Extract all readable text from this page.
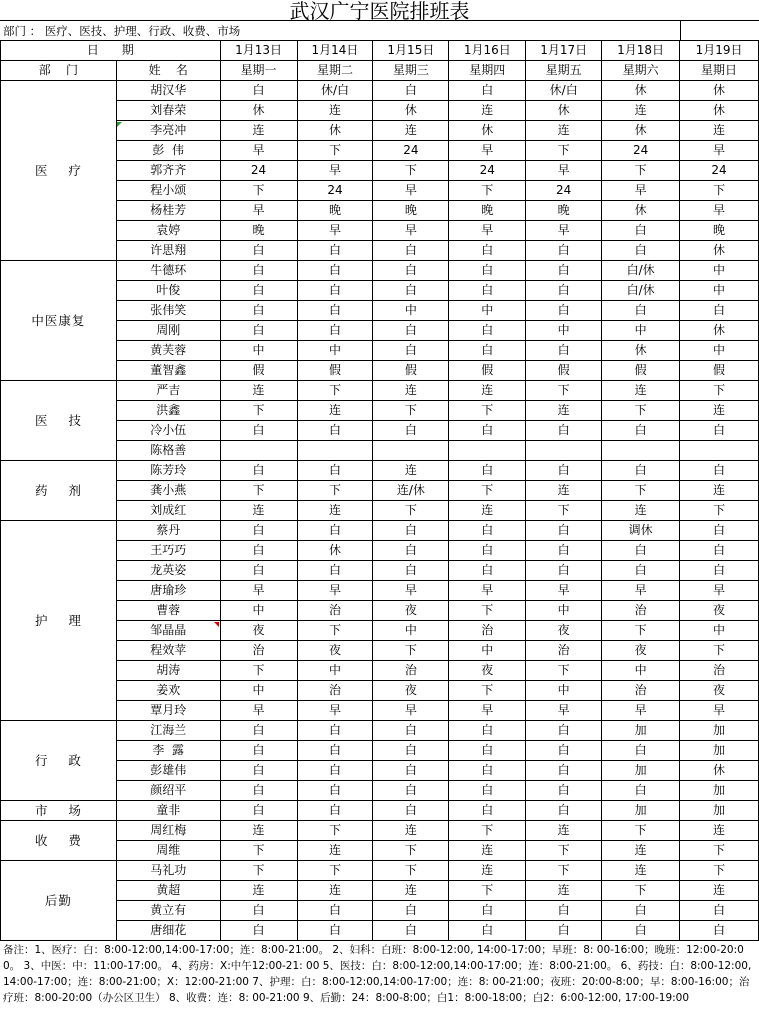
武汉广宁医院排班表
部门 ： 医疗、医技、护理、行政、收费、市场
日      期		1月13日	1月14日	1月15日	1月16日	1月17日	1月18日	1月19日
部    门	姓    名	星期一	星期二	星期三	星期四	星期五	星期六	星期日
医    疗	胡汉华	白	休/白	白	白	休/白	休	休
	刘春荣	休	连	休	连	休	连	休
	李亮冲	连	休	连	休	连	休	连
	彭  伟	早	下	24	早	下	24	早
	郭齐齐	24	早	下	24	早	下	24
	程小颂	下	24	早	下	24	早	下
	杨桂芳	早	晚	晚	晚	晚	休	早
	袁婷	晚	早	早	早	早	白	晚
	许思翔	白	白	白	白	白	白	休
中医康复	牛德环	白	白	白	白	白	白/休	中
	叶俊	白	白	白	白	白	白/休	中
	张伟笑	白	白	中	中	白	白	白
	周刚	白	白	白	白	中	中	休
	黄芙蓉	中	中	白	白	白	休	中
	董智鑫	假	假	假	假	假	假	假
医    技	严吉	连	下	连	连	下	连	下
	洪鑫	下	连	下	下	连	下	连
	冷小伍	白	白	白	白	白	白	白
	陈格善							
药    剂	陈芳玲	白	白	连	白	白	白	白
	龚小燕	下	下	连/休	下	连	下	连
	刘成红	连	连	下	连	下	连	下
护    理	蔡丹	白	白	白	白	白	调休	白
	王巧巧	白	休	白	白	白	白	白
	龙英姿	白	白	白	白	白	白	白
	唐瑜珍	早	早	早	早	早	早	早
	曹蓉	中	治	夜	下	中	治	夜
	邹晶晶	夜	下	中	治	夜	下	中
	程效苹	治	夜	下	中	治	夜	下
	胡涛	下	中	治	夜	下	中	治
	姜欢	中	治	夜	下	中	治	夜
	覃月玲	早	早	早	早	早	早	早
行    政	江海兰	白	白	白	白	白	加	加
	李  露	白	白	白	白	白	白	加
	彭雄伟	白	白	白	白	白	加	休
	颜绍平	白	白	白	白	白	白	加
市    场	童非	白	白	白	白	白	加	加
收    费	周红梅	连	下	连	下	连	下	连
	周维	下	连	下	连	下	连	下
后勤	马礼功	下	下	下	连	下	连	下
	黄超	连	连	连	下	连	下	连
	黄立有	白	白	白	白	白	白	白
	唐细花	白	白	白	白	白	白	白
备注：1、医疗：白：8:00-12:00,14:00-17:00；连：8:00-21:00。 2、妇科：白班：8:00-12:00, 14:00-17:00；早班：8: 00-16:00；晚班：12:00-20:00。 3、中医：中：11:00-17:00。 4、药房：X:中午12:00-21: 00 5、医技：白：8:00-12:00,14:00-17:00；连：8:00-21:00。 6、药技：白：8:00-12:00,14:00-17:00；连：8:00-21:00；X：12:00-21:00 7、护理：白：8:00-12:00,14:00-17:00；连：8: 00-21:00；夜班：20:00-8:00；早：8:00-16:00；治疗班：8:00-20:00（办公区卫生） 8、收费：连：8: 00-21:00 9、后勤：24：8:00-8:00；白1：8:00-18:00；白2：6:00-12:00, 17:00-19:00
